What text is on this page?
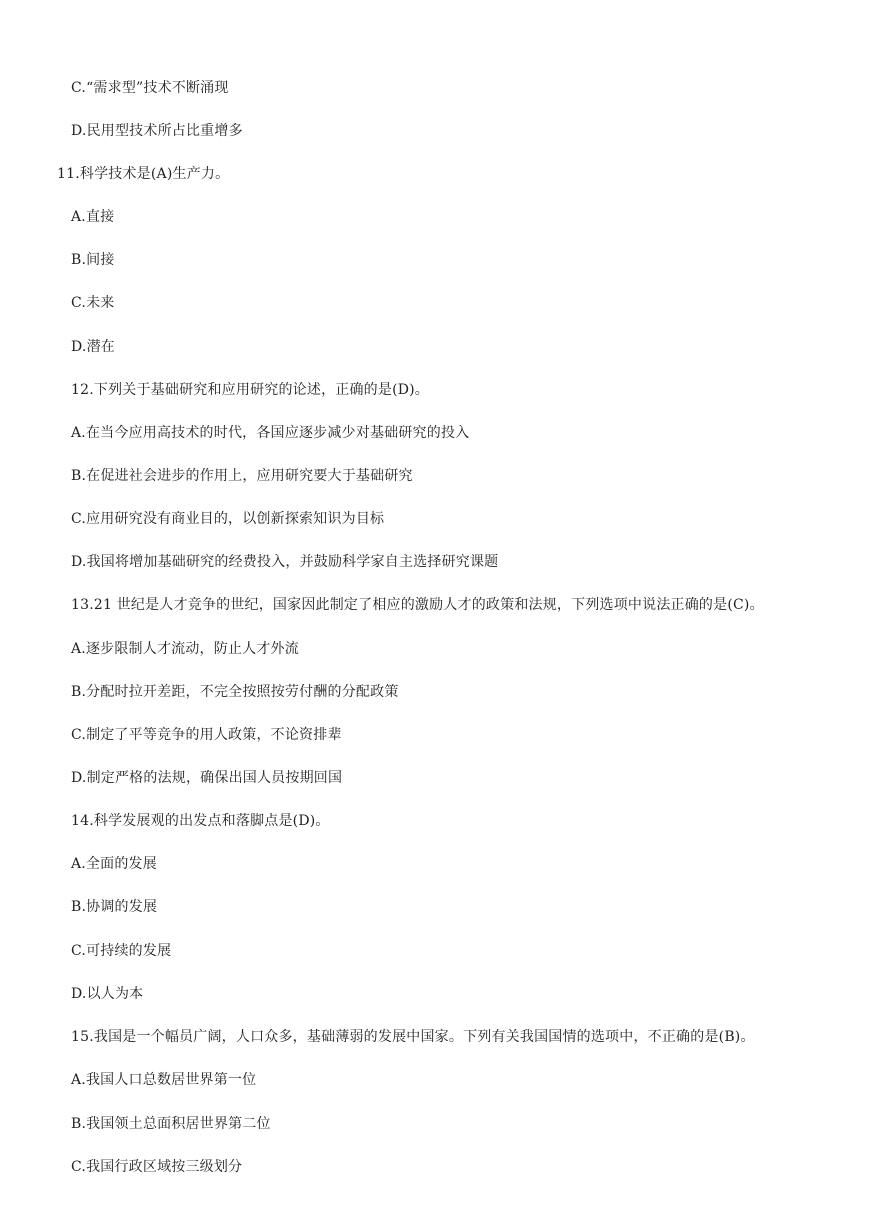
C.“需求型”技术不断涌现
D.民用型技术所占比重增多
11.科学技术是(A)生产力。
A.直接
B.间接
C.未来
D.潜在
12.下列关于基础研究和应用研究的论述，正确的是(D)。
A.在当今应用高技术的时代，各国应逐步减少对基础研究的投入
B.在促进社会进步的作用上，应用研究要大于基础研究
C.应用研究没有商业目的，以创新探索知识为目标
D.我国将增加基础研究的经费投入，并鼓励科学家自主选择研究课题
13.21 世纪是人才竞争的世纪，国家因此制定了相应的激励人才的政策和法规，下列选项中说法正确的是(C)。
A.逐步限制人才流动，防止人才外流
B.分配时拉开差距，不完全按照按劳付酬的分配政策
C.制定了平等竞争的用人政策，不论资排辈
D.制定严格的法规，确保出国人员按期回国
14.科学发展观的出发点和落脚点是(D)。
A.全面的发展
B.协调的发展
C.可持续的发展
D.以人为本
15.我国是一个幅员广阔，人口众多，基础薄弱的发展中国家。下列有关我国国情的选项中，不正确的是(B)。
A.我国人口总数居世界第一位
B.我国领土总面积居世界第二位
C.我国行政区域按三级划分
